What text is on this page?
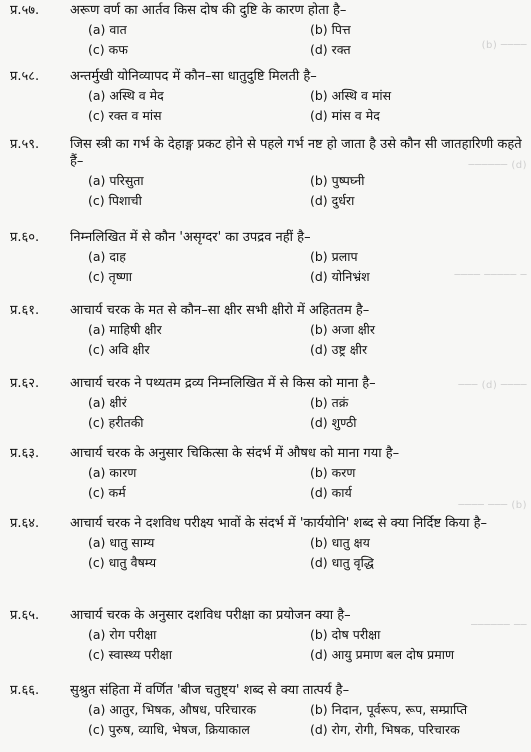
(b) ────
────── (d)
──── ───── ─
─── (d) ────
──── ─── (b)
────── ──
प्र.५७.	अरूण वर्ण का आर्तव किस दोष की दुष्टि के कारण होता है–
(a) वात	(b) पित्त
(c) कफ	(d) रक्त
प्र.५८.	अन्तर्मुखी योनिव्यापद में कौन–सा धातुदुष्टि मिलती है–
(a) अस्थि व मेद	(b) अस्थि व मांस
(c) रक्त व मांस	(d) मांस व मेद
प्र.५९.	जिस स्त्री का गर्भ के देहाङ्ग प्रकट होने से पहले गर्भ नष्ट हो जाता है उसे कौन सी जातहारिणी कहते हैं–
(a) परिसुता	(b) पुष्पघ्नी
(c) पिशाची	(d) दुर्धरा
प्र.६०.	निम्नलिखित में से कौन 'असृग्दर' का उपद्रव नहीं है–
(a) दाह	(b) प्रलाप
(c) तृष्णा	(d) योनिभ्रंश
प्र.६१.	आचार्य चरक के मत से कौन–सा क्षीर सभी क्षीरो में अहिततम है–
(a) माहिषी क्षीर	(b) अजा क्षीर
(c) अवि क्षीर	(d) उष्ट्र क्षीर
प्र.६२.	आचार्य चरक ने पथ्यतम द्रव्य निम्नलिखित में से किस को माना है–
(a) क्षीरं	(b) तक्रं
(c) हरीतकी	(d) शुण्ठी
प्र.६३.	आचार्य चरक के अनुसार चिकित्सा के संदर्भ में औषध को माना गया है–
(a) कारण	(b) करण
(c) कर्म	(d) कार्य
प्र.६४.	आचार्य चरक ने दशविध परीक्ष्य भावों के संदर्भ में 'कार्ययोनि' शब्द से क्या निर्दिष्ट किया है–
(a) धातु साम्य	(b) धातु क्षय
(c) धातु वैषम्य	(d) धातु वृद्धि
प्र.६५.	आचार्य चरक के अनुसार दशविध परीक्षा का प्रयोजन क्या है–
(a) रोग परीक्षा	(b) दोष परीक्षा
(c) स्वास्थ्य परीक्षा	(d) आयु प्रमाण बल दोष प्रमाण
प्र.६६.	सुश्रुत संहिता में वर्णित 'बीज चतुष्ट्य' शब्द से क्या तात्पर्य है–
(a) आतुर, भिषक, औषध, परिचारक	(b) निदान, पूर्वरूप, रूप, सम्प्राप्ति
(c) पुरुष, व्याधि, भेषज, क्रियाकाल	(d) रोग, रोगी, भिषक, परिचारक
